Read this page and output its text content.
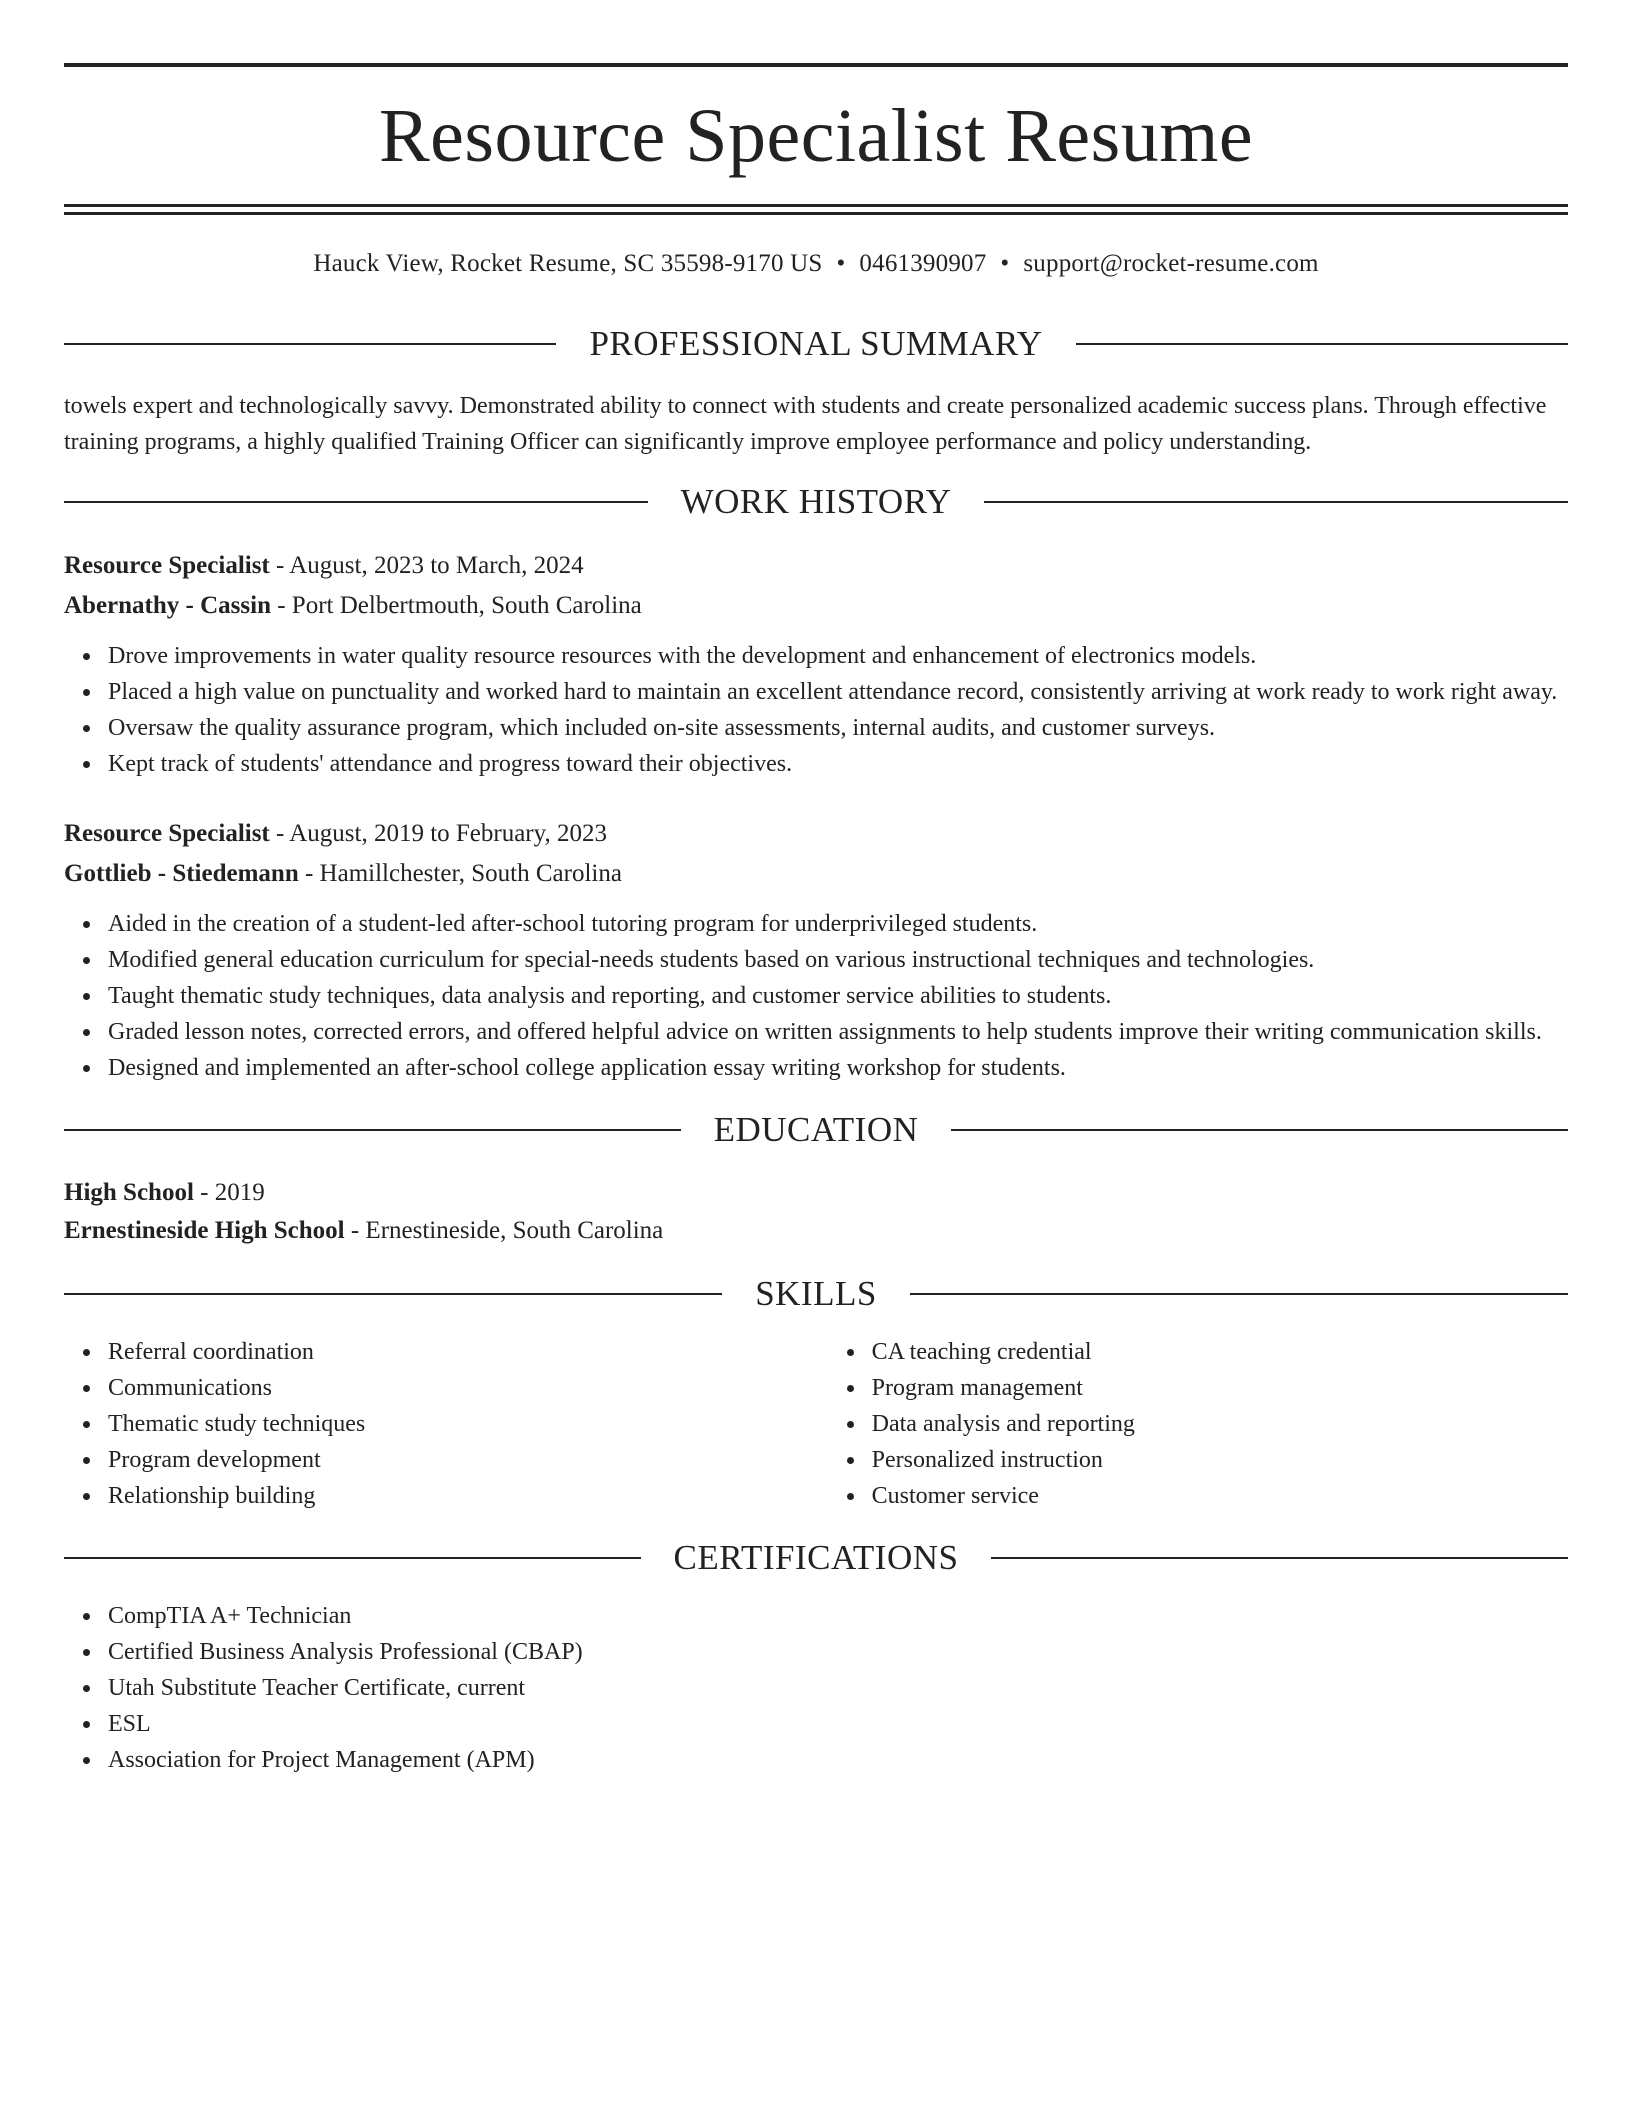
Resource Specialist Resume
Hauck View, Rocket Resume, SC 35598-9170 US • 0461390907 • support@rocket-resume.com
PROFESSIONAL SUMMARY

towels expert and technologically savvy. Demonstrated ability to connect with students and create personalized academic success plans. Through effective training programs, a highly qualified Training Officer can significantly improve employee performance and policy understanding.

WORK HISTORY
Resource Specialist - August, 2023 to March, 2024
Abernathy - Cassin - Port Delbertmouth, South Carolina
Drove improvements in water quality resource resources with the development and enhancement of electronics models.
Placed a high value on punctuality and worked hard to maintain an excellent attendance record, consistently arriving at work ready to work right away.
Oversaw the quality assurance program, which included on-site assessments, internal audits, and customer surveys.
Kept track of students' attendance and progress toward their objectives.
Resource Specialist - August, 2019 to February, 2023
Gottlieb - Stiedemann - Hamillchester, South Carolina
Aided in the creation of a student-led after-school tutoring program for underprivileged students.
Modified general education curriculum for special-needs students based on various instructional techniques and technologies.
Taught thematic study techniques, data analysis and reporting, and customer service abilities to students.
Graded lesson notes, corrected errors, and offered helpful advice on written assignments to help students improve their writing communication skills.
Designed and implemented an after-school college application essay writing workshop for students.
EDUCATION
High School - 2019
Ernestineside High School - Ernestineside, South Carolina
SKILLS
Referral coordination
Communications
Thematic study techniques
Program development
Relationship building
CA teaching credential
Program management
Data analysis and reporting
Personalized instruction
Customer service
CERTIFICATIONS
CompTIA A+ Technician
Certified Business Analysis Professional (CBAP)
Utah Substitute Teacher Certificate, current
ESL
Association for Project Management (APM)
